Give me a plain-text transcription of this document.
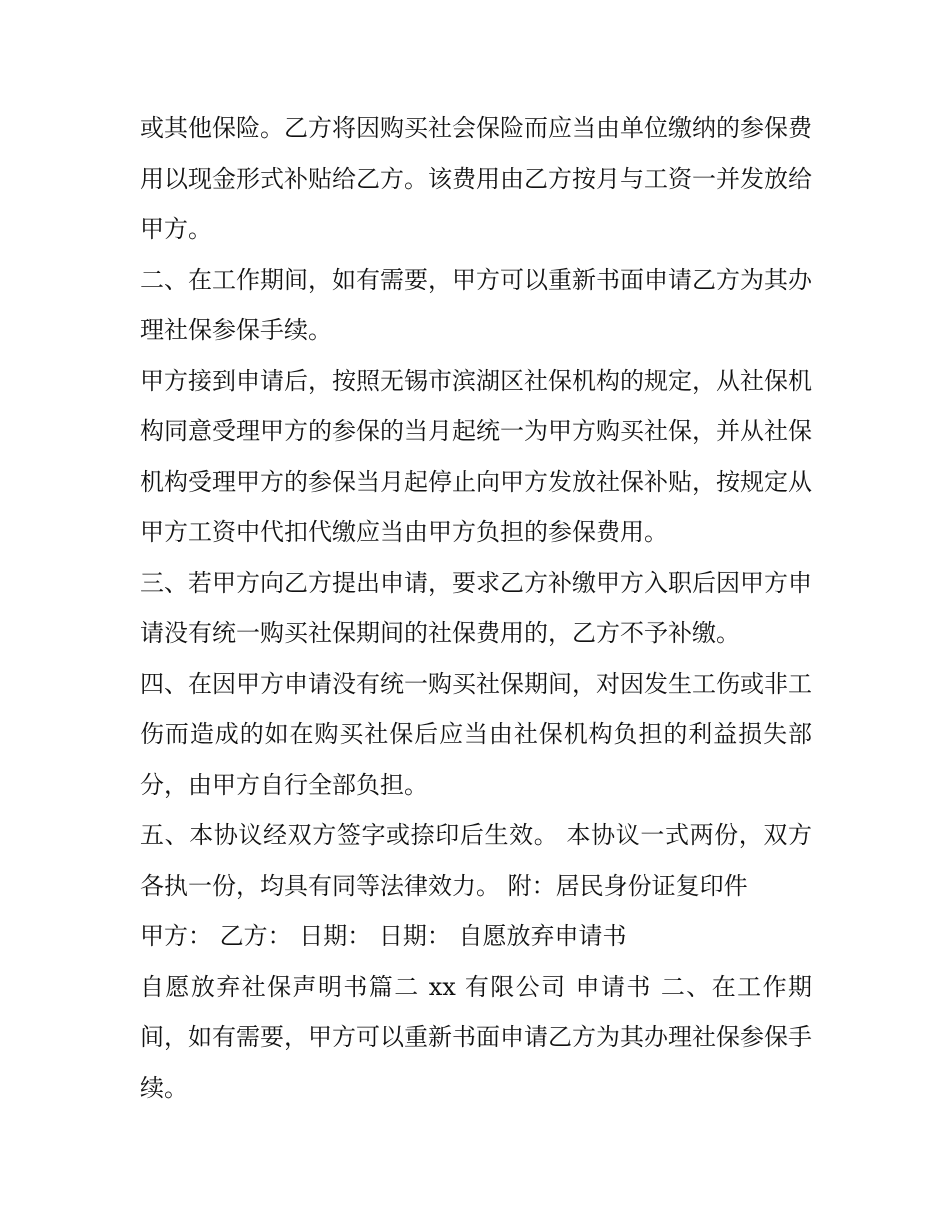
或其他保险。乙方将因购买社会保险而应当由单位缴纳的参保费用以现金形式补贴给乙方。该费用由乙方按月与工资一并发放给甲方。

二、在工作期间，如有需要，甲方可以重新书面申请乙方为其办理社保参保手续。

甲方接到申请后，按照无锡市滨湖区社保机构的规定，从社保机构同意受理甲方的参保的当月起统一为甲方购买社保，并从社保机构受理甲方的参保当月起停止向甲方发放社保补贴，按规定从甲方工资中代扣代缴应当由甲方负担的参保费用。

三、若甲方向乙方提出申请，要求乙方补缴甲方入职后因甲方申请没有统一购买社保期间的社保费用的，乙方不予补缴。

四、在因甲方申请没有统一购买社保期间，对因发生工伤或非工伤而造成的如在购买社保后应当由社保机构负担的利益损失部分，由甲方自行全部负担。

五、本协议经双方签字或捺印后生效。 本协议一式两份，双方各执一份，均具有同等法律效力。 附：居民身份证复印件

甲方： 乙方： 日期： 日期： 自愿放弃申请书

自愿放弃社保声明书篇二 xx 有限公司 申请书 二、在工作期间，如有需要，甲方可以重新书面申请乙方为其办理社保参保手续。
